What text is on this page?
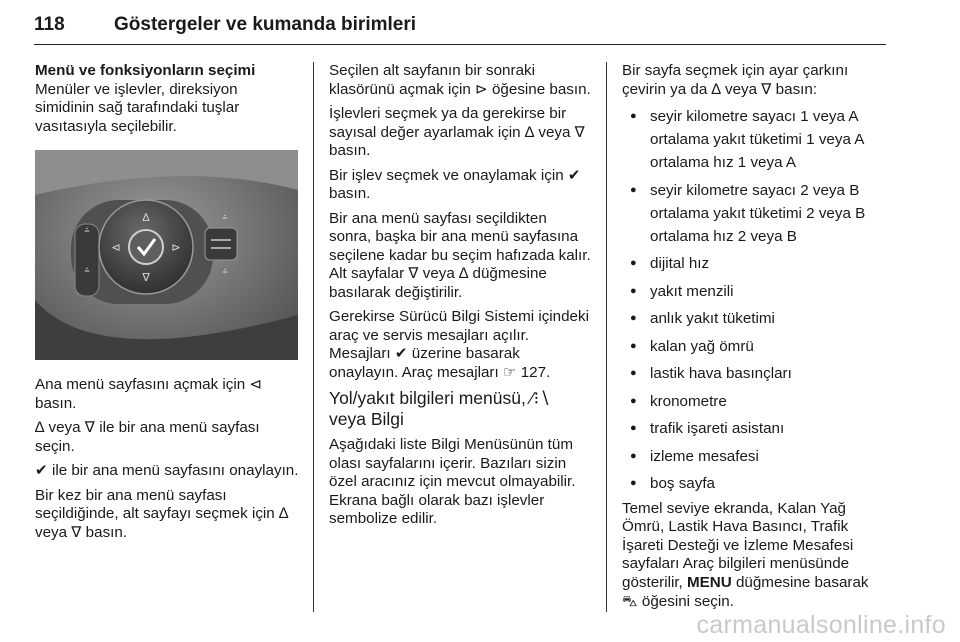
118	Göstergeler ve kumanda birimleri

Menü ve fonksiyonların seçimi

Menüler ve işlevler, direksiyon simidinin sağ tarafındaki tuşlar vasıtasıyla seçilebilir.

⩮
⩮
∆
∇
⊲	⊳
⩮
⩮

Ana menü sayfasını açmak için ⊲ basın.

∆ veya ∇ ile bir ana menü sayfası seçin.

✔ ile bir ana menü sayfasını onaylayın.

Bir kez bir ana menü sayfası seçildiğinde, alt sayfayı seçmek için ∆ veya ∇ basın.

Seçilen alt sayfanın bir sonraki klasörünü açmak için ⊳ öğesine basın.

İşlevleri seçmek ya da gerekirse bir sayısal değer ayarlamak için ∆ veya ∇ basın.

Bir işlev seçmek ve onaylamak için ✔ basın.

Bir ana menü sayfası seçildikten sonra, başka bir ana menü sayfasına seçilene kadar bu seçim hafızada kalır. Alt sayfalar ∇ veya ∆ düğmesine basılarak değiştirilir.

Gerekirse Sürücü Bilgi Sistemi içindeki araç ve servis mesajları açılır. Mesajları ✔ üzerine basarak onaylayın. Araç mesajları ☞ 127.

Yol/yakıt bilgileri menüsü, ∕⁝∖ veya Bilgi

Aşağıdaki liste Bilgi Menüsünün tüm olası sayfalarını içerir. Bazıları sizin özel aracınız için mevcut olmayabilir. Ekrana bağlı olarak bazı işlevler sembolize edilir.

Bir sayfa seçmek için ayar çarkını çevirin ya da ∆ veya ∇ basın:

● seyir kilometre sayacı 1 veya A ortalama yakıt tüketimi 1 veya A ortalama hız 1 veya A
● seyir kilometre sayacı 2 veya B ortalama yakıt tüketimi 2 veya B ortalama hız 2 veya B
● dijital hız
● yakıt menzili
● anlık yakıt tüketimi
● kalan yağ ömrü
● lastik hava basınçları
● kronometre
● trafik işareti asistanı
● izleme mesafesi
● boş sayfa

Temel seviye ekranda, Kalan Yağ Ömrü, Lastik Hava Basıncı, Trafik İşareti Desteği ve İzleme Mesafesi sayfaları Araç bilgileri menüsünde gösterilir, MENU düğmesine basarak ⛍ öğesini seçin.

carmanualsonline.info
